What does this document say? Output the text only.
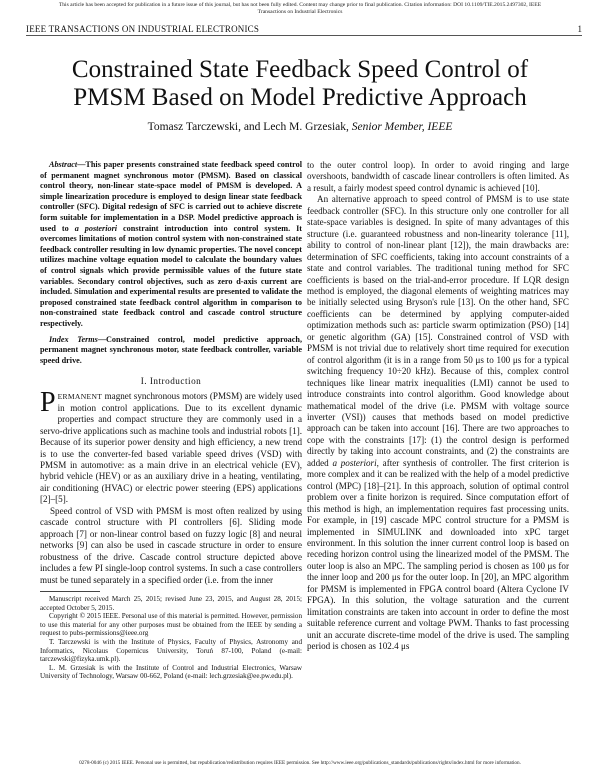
This article has been accepted for publication in a future issue of this journal, but has not been fully edited. Content may change prior to final publication. Citation information: DOI 10.1109/TIE.2015.2497302, IEEE
Transactions on Industrial Electronics
IEEE TRANSACTIONS ON INDUSTRIAL ELECTRONICS	1
Constrained State Feedback Speed Control of
PMSM Based on Model Predictive Approach
Tomasz Tarczewski, and Lech M. Grzesiak, Senior Member, IEEE

Abstract—This paper presents constrained state feedback speed control of permanent magnet synchronous motor (PMSM). Based on classical control theory, non-linear state-space model of PMSM is developed. A simple linearization procedure is employed to design linear state feedback controller (SFC). Digital redesign of SFC is carried out to achieve discrete form suitable for implementation in a DSP. Model predictive approach is used to a posteriori constraint introduction into control system. It overcomes limitations of motion control system with non-constrained state feedback controller resulting in low dynamic properties. The novel concept utilizes machine voltage equation model to calculate the boundary values of control signals which provide permissible values of the future state variables. Secondary control objectives, such as zero d-axis current are included. Simulation and experimental results are presented to validate the proposed constrained state feedback control algorithm in comparison to non-constrained state feedback control and cascade control structure respectively.

Index Terms—Constrained control, model predictive approach, permanent magnet synchronous motor, state feedback controller, variable speed drive.

I. Introduction

PERMANENT magnet synchronous motors (PMSM) are widely used in motion control applications. Due to its excellent dynamic properties and compact structure they are commonly used in a servo-drive applications such as machine tools and industrial robots [1]. Because of its superior power density and high efficiency, a new trend is to use the converter-fed based variable speed drives (VSD) with PMSM in automotive: as a main drive in an electrical vehicle (EV), hybrid vehicle (HEV) or as an auxiliary drive in a heating, ventilating, air conditioning (HVAC) or electric power steering (EPS) applications [2]–[5].

Speed control of VSD with PMSM is most often realized by using cascade control structure with PI controllers [6]. Sliding mode approach [7] or non-linear control based on fuzzy logic [8] and neural networks [9] can also be used in cascade structure in order to ensure robustness of the drive. Cascade control structure depicted above includes a few PI single-loop control systems. In such a case controllers must be tuned separately in a specified order (i.e. from the inner

Manuscript received March 25, 2015; revised June 23, 2015, and August 28, 2015; accepted October 5, 2015.

Copyright © 2015 IEEE. Personal use of this material is permitted. However, permission to use this material for any other purposes must be obtained from the IEEE by sending a request to pubs-permissions@ieee.org

T. Tarczewski is with the Institute of Physics, Faculty of Physics, Astronomy and Informatics, Nicolaus Copernicus University, Toruń 87-100, Poland (e-mail: tarczewski@fizyka.umk.pl).

L. M. Grzesiak is with the Institute of Control and Industrial Electronics, Warsaw University of Technology, Warsaw 00-662, Poland (e-mail: lech.grzesiak@ee.pw.edu.pl).

to the outer control loop). In order to avoid ringing and large overshoots, bandwidth of cascade linear controllers is often limited. As a result, a fairly modest speed control dynamic is achieved [10].

An alternative approach to speed control of PMSM is to use state feedback controller (SFC). In this structure only one controller for all state-space variables is designed. In spite of many advantages of this structure (i.e. guaranteed robustness and non-linearity tolerance [11], ability to control of non-linear plant [12]), the main drawbacks are: determination of SFC coefficients, taking into account constraints of a state and control variables. The traditional tuning method for SFC coefficients is based on the trial-and-error procedure. If LQR design method is employed, the diagonal elements of weighting matrices may be initially selected using Bryson's rule [13]. On the other hand, SFC coefficients can be determined by applying computer-aided optimization methods such as: particle swarm optimization (PSO) [14] or genetic algorithm (GA) [15]. Constrained control of VSD with PMSM is not trivial due to relatively short time required for execution of control algorithm (it is in a range from 50 μs to 100 μs for a typical switching frequency 10÷20 kHz). Because of this, complex control techniques like linear matrix inequalities (LMI) cannot be used to introduce constraints into control algorithm. Good knowledge about mathematical model of the drive (i.e. PMSM with voltage source inverter (VSI)) causes that methods based on model predictive approach can be taken into account [16]. There are two approaches to cope with the constraints [17]: (1) the control design is performed directly by taking into account constraints, and (2) the constraints are added a posteriori, after synthesis of controller. The first criterion is more complex and it can be realized with the help of a model predictive control (MPC) [18]–[21]. In this approach, solution of optimal control problem over a finite horizon is required. Since computation effort of this method is high, an implementation requires fast processing units. For example, in [19] cascade MPC control structure for a PMSM is implemented in SIMULINK and downloaded into xPC target environment. In this solution the inner current control loop is based on receding horizon control using the linearized model of the PMSM. The outer loop is also an MPC. The sampling period is chosen as 100 μs for the inner loop and 200 μs for the outer loop. In [20], an MPC algorithm for PMSM is implemented in FPGA control board (Altera Cyclone IV FPGA). In this solution, the voltage saturation and the current limitation constraints are taken into account in order to define the most suitable reference current and voltage PWM. Thanks to fast processing unit an accurate discrete-time model of the drive is used. The sampling period is chosen as 102.4 μs

0278-0046 (c) 2015 IEEE. Personal use is permitted, but republication/redistribution requires IEEE permission. See http://www.ieee.org/publications_standards/publications/rights/index.html for more information.
